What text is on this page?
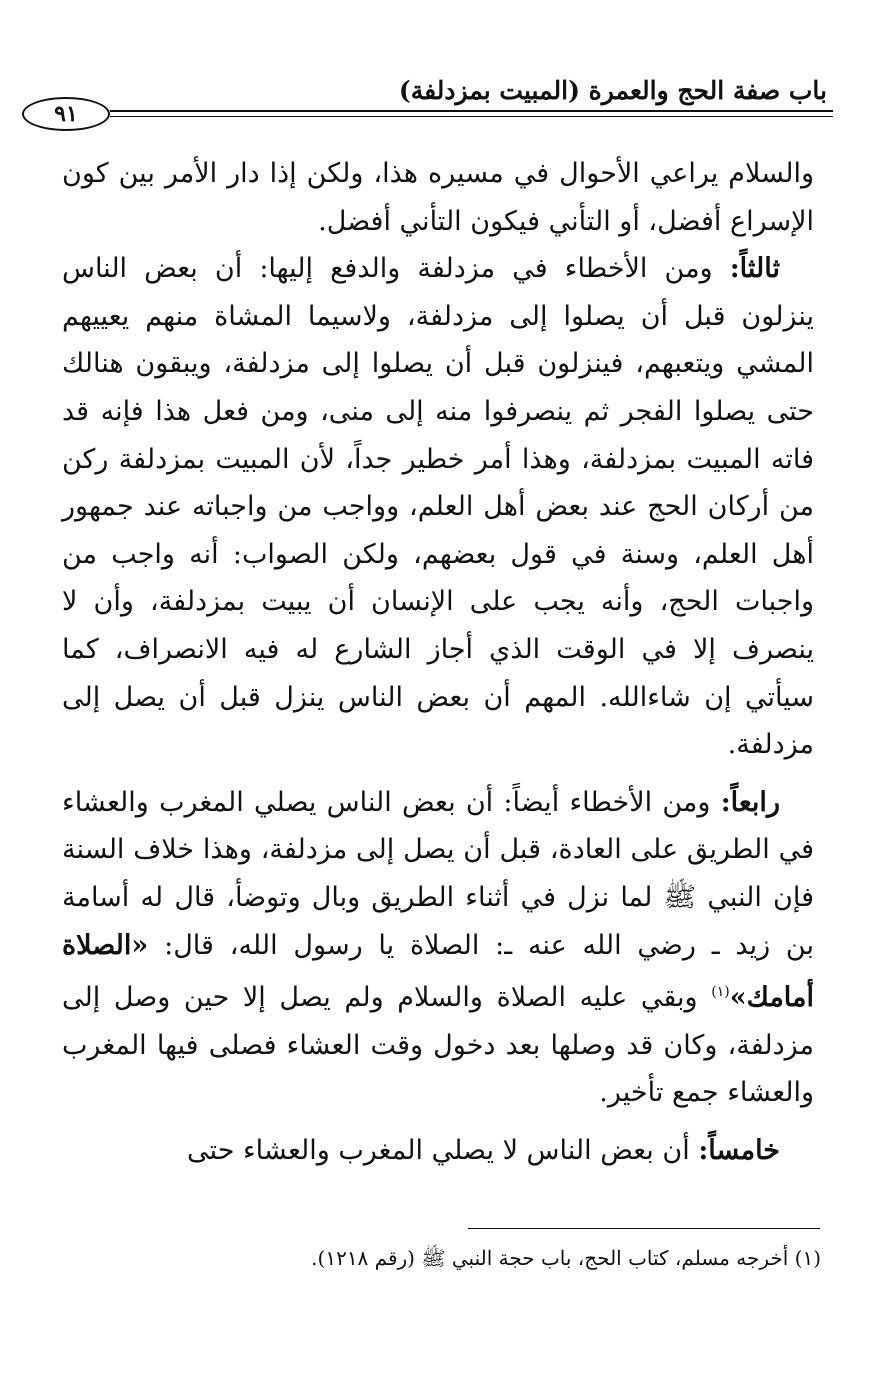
باب صفة الحج والعمرة (المبيت بمزدلفة)
٩١

والسلام يراعي الأحوال في مسيره هذا، ولكن إذا دار الأمر بين كون الإسراع أفضل، أو التأني فيكون التأني أفضل.

ثالثاً: ومن الأخطاء في مزدلفة والدفع إليها: أن بعض الناس ينزلون قبل أن يصلوا إلى مزدلفة، ولاسيما المشاة منهم يعييهم المشي ويتعبهم، فينزلون قبل أن يصلوا إلى مزدلفة، ويبقون هنالك حتى يصلوا الفجر ثم ينصرفوا منه إلى منى، ومن فعل هذا فإنه قد فاته المبيت بمزدلفة، وهذا أمر خطير جداً، لأن المبيت بمزدلفة ركن من أركان الحج عند بعض أهل العلم، وواجب من واجباته عند جمهور أهل العلم، وسنة في قول بعضهم، ولكن الصواب: أنه واجب من واجبات الحج، وأنه يجب على الإنسان أن يبيت بمزدلفة، وأن لا ينصرف إلا في الوقت الذي أجاز الشارع له فيه الانصراف، كما سيأتي إن شاءالله. المهم أن بعض الناس ينزل قبل أن يصل إلى مزدلفة.

رابعاً: ومن الأخطاء أيضاً: أن بعض الناس يصلي المغرب والعشاء في الطريق على العادة، قبل أن يصل إلى مزدلفة، وهذا خلاف السنة فإن النبي ﷺ لما نزل في أثناء الطريق وبال وتوضأ، قال له أسامة بن زيد ـ رضي الله عنه ـ: الصلاة يا رسول الله، قال: «الصلاة أمامك»$^{(١)}$ وبقي عليه الصلاة والسلام ولم يصل إلا حين وصل إلى مزدلفة، وكان قد وصلها بعد دخول وقت العشاء فصلى فيها المغرب والعشاء جمع تأخير.

خامساً: أن بعض الناس لا يصلي المغرب والعشاء حتى

(١) أخرجه مسلم، كتاب الحج، باب حجة النبي ﷺ (رقم ١٢١٨).
